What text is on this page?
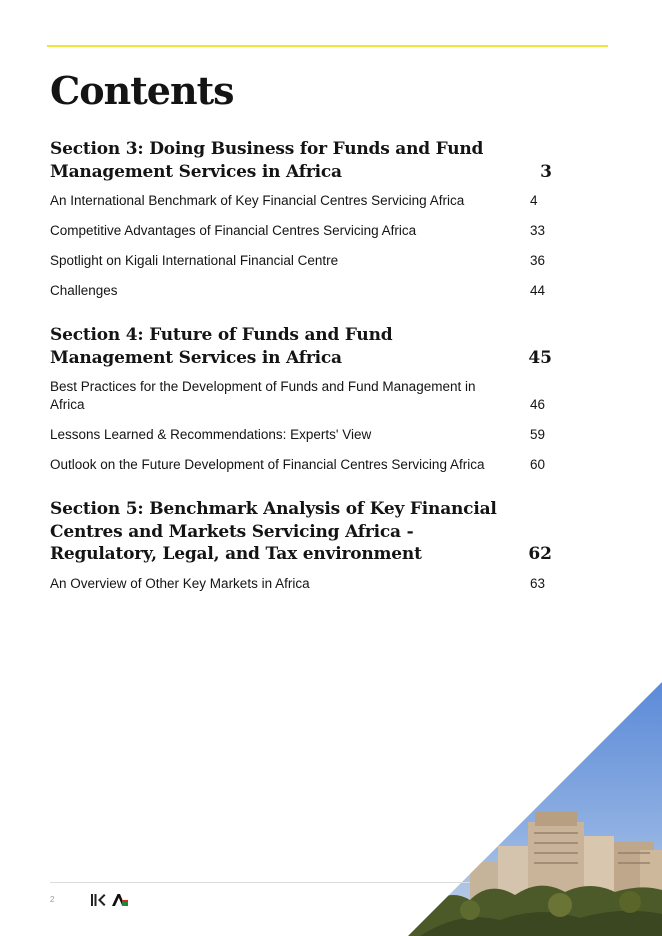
Contents
Section 3: Doing Business for Funds and Fund Management Services in Africa	3
An International Benchmark of Key Financial Centres Servicing Africa	4
Competitive Advantages of Financial Centres Servicing Africa	33
Spotlight on Kigali International Financial Centre	36
Challenges	44
Section 4: Future of Funds and Fund Management Services in Africa	45
Best Practices for the Development of Funds and Fund Management in Africa	46
Lessons Learned & Recommendations: Experts' View	59
Outlook on the Future Development of Financial Centres Servicing Africa	60
Section 5: Benchmark Analysis of Key Financial Centres and Markets Servicing Africa - Regulatory, Legal, and Tax environment	62
An Overview of Other Key Markets in Africa	63
2
